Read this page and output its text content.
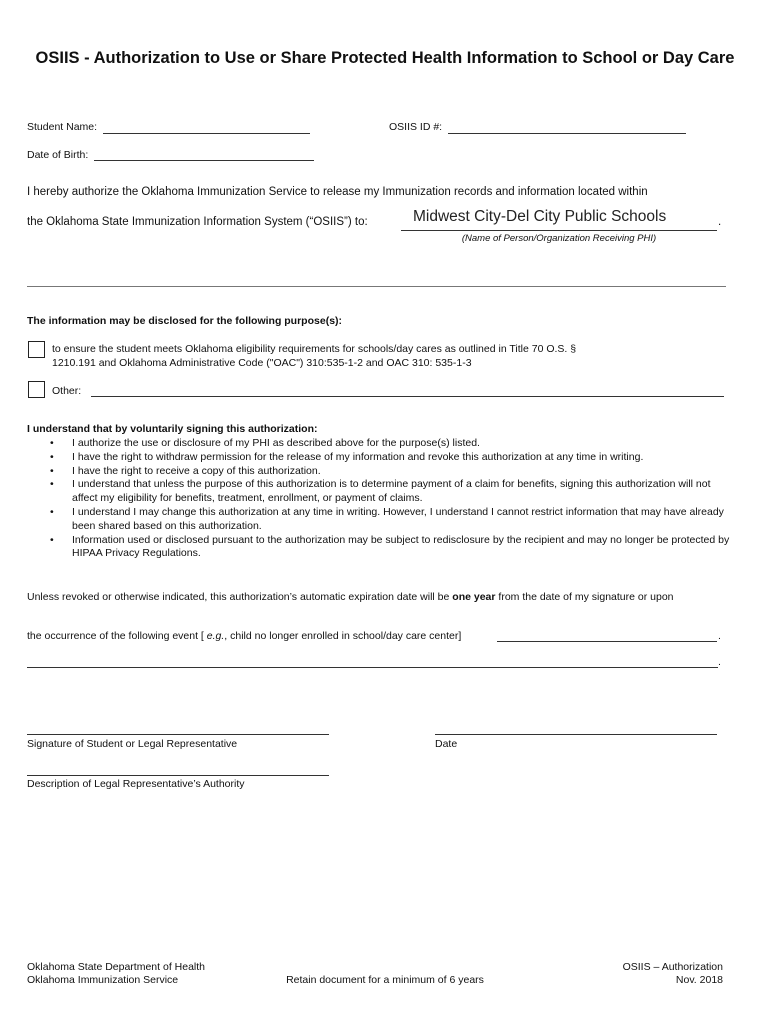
OSIIS - Authorization to Use or Share Protected Health Information to School or Day Care
Student Name:	OSIIS ID #:
Date of Birth:
I hereby authorize the Oklahoma Immunization Service to release my Immunization records and information located within
the Oklahoma State Immunization Information System (“OSIIS”) to:	.
Midwest City-Del City Public Schools
(Name of Person/Organization Receiving PHI)
The information may be disclosed for the following purpose(s):
to ensure the student meets Oklahoma eligibility requirements for schools/day cares as outlined in Title 70 O.S. §
1210.191 and Oklahoma Administrative Code ("OAC") 310:535-1-2 and OAC 310: 535-1-3
Other:
I understand that by voluntarily signing this authorization:
• I authorize the use or disclosure of my PHI as described above for the purpose(s) listed.
• I have the right to withdraw permission for the release of my information and revoke this authorization at any time in writing.
• I have the right to receive a copy of this authorization.
• I understand that unless the purpose of this authorization is to determine payment of a claim for benefits, signing this authorization will not affect my eligibility for benefits, treatment, enrollment, or payment of claims.
• I understand I may change this authorization at any time in writing. However, I understand I cannot restrict information that may have already been shared based on this authorization.
• Information used or disclosed pursuant to the authorization may be subject to redisclosure by the recipient and may no longer be protected by HIPAA Privacy Regulations.
Unless revoked or otherwise indicated, this authorization’s automatic expiration date will be one year from the date of my signature or upon
the occurrence of the following event [ e.g., child no longer enrolled in school/day care center]	.
.
Signature of Student or Legal Representative	Date
Description of Legal Representative’s Authority
Oklahoma State Department of Health
Oklahoma Immunization Service	Retain document for a minimum of 6 years
OSIIS – Authorization
Nov. 2018
